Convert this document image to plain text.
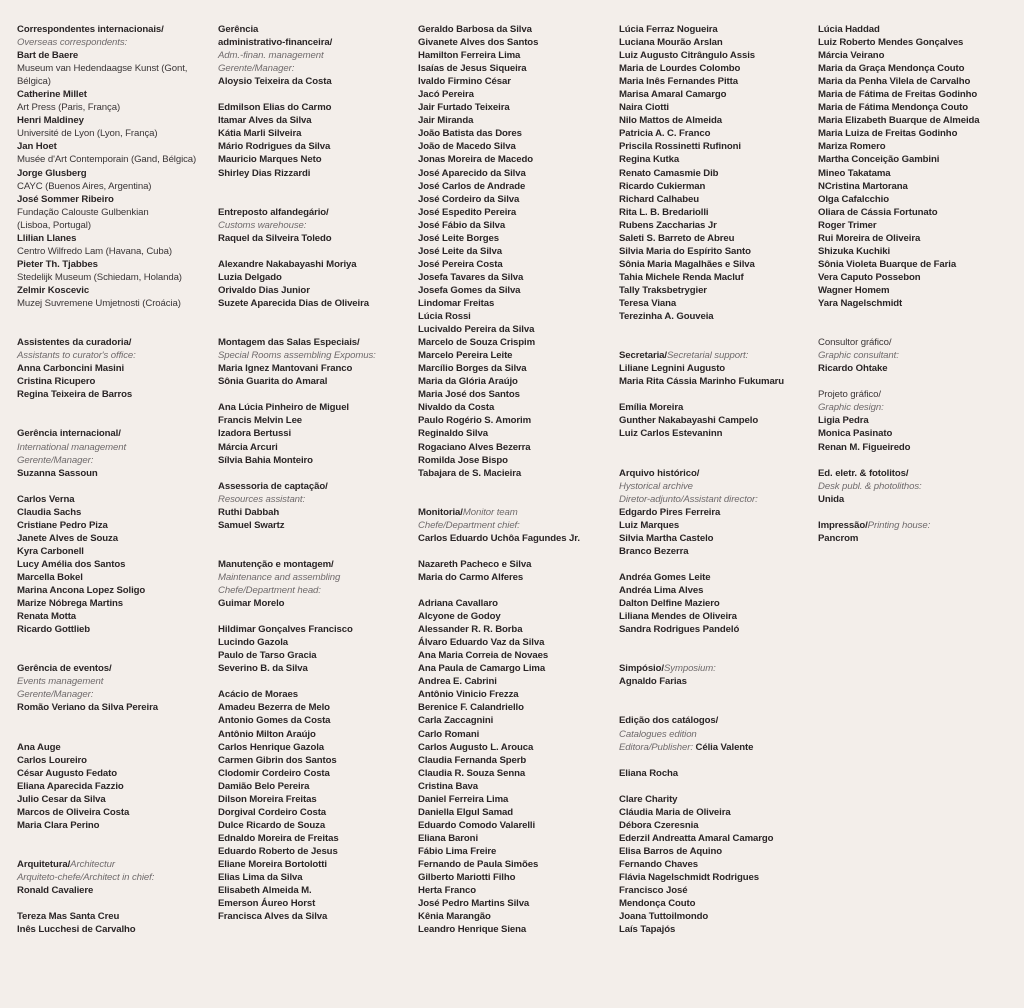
Correspondentes internacionais/
Overseas correspondents:
Bart de Baere
Museum van Hedendaagse Kunst (Gont,
Bélgica)
Catherine Millet
Art Press (Paris, França)
Henri Maldiney
Université de Lyon (Lyon, França)
Jan Hoet
Musée d'Art Contemporain (Gand, Bélgica)
Jorge Glusberg
CAYC (Buenos Aires, Argentina)
José Sommer Ribeiro
Fundação Calouste Gulbenkian
(Lisboa, Portugal)
Llilian Llanes
Centro Wilfredo Lam (Havana, Cuba)
Pieter Th. Tjabbes
Stedelijk Museum (Schiedam, Holanda)
Zelmir Koscevic
Muzej Suvremene Umjetnosti (Croácia)
Assistentes da curadoria/
Assistants to curator's office:
Anna Carboncini Masini
Cristina Ricupero
Regina Teixeira de Barros
Gerência internacional/
International management
Gerente/Manager:
Suzanna Sassoun
Carlos Verna
Claudia Sachs
Cristiane Pedro Piza
Janete Alves de Souza
Kyra Carbonell
Lucy Amélia dos Santos
Marcella Bokel
Marina Ancona Lopez Soligo
Marize Nóbrega Martins
Renata Motta
Ricardo Gottlieb
Gerência de eventos/
Events management
Gerente/Manager:
Romão Veriano da Silva Pereira
Ana Auge
Carlos Loureiro
César Augusto Fedato
Eliana Aparecida Fazzio
Julio Cesar da Silva
Marcos de Oliveira Costa
Maria Clara Perino
Arquitetura/Architectur
Arquiteto-chefe/Architect in chief:
Ronald Cavaliere
Tereza Mas Santa Creu
Inês Lucchesi de Carvalho
Gerência
administrativo-financeira/
Adm.-finan. management
Gerente/Manager:
Aloysio Teixeira da Costa
Edmilson Elias do Carmo
Itamar Alves da Silva
Kátia Marli Silveira
Mário Rodrigues da Silva
Mauricio Marques Neto
Shirley Dias Rizzardi
Entreposto alfandegário/
Customs warehouse:
Raquel da Silveira Toledo
Alexandre Nakabayashi Moriya
Luzia Delgado
Orivaldo Dias Junior
Suzete Aparecida Dias de Oliveira
Montagem das Salas Especiais/
Special Rooms assembling Expomus:
Maria Ignez Mantovani Franco
Sônia Guarita do Amaral
Ana Lúcia Pinheiro de Miguel
Francis Melvin Lee
Izadora Bertussi
Márcia Arcuri
Sílvia Bahia Monteiro
Assessoria de captação/
Resources assistant:
Ruthi Dabbah
Samuel Swartz
Manutenção e montagem/
Maintenance and assembling
Chefe/Department head:
Guimar Morelo
Hildimar Gonçalves Francisco
Lucindo Gazola
Paulo de Tarso Gracia
Severino B. da Silva
Acácio de Moraes
Amadeu Bezerra de Melo
Antonio Gomes da Costa
Antônio Milton Araújo
Carlos Henrique Gazola
Carmen Gibrin dos Santos
Clodomir Cordeiro Costa
Damião Belo Pereira
Dilson Moreira Freitas
Dorgival Cordeiro Costa
Dulce Ricardo de Souza
Ednaldo Moreira de Freitas
Eduardo Roberto de Jesus
Eliane Moreira Bortolotti
Elias Lima da Silva
Elisabeth Almeida M.
Emerson Áureo Horst
Francisca Alves da Silva
Geraldo Barbosa da Silva
Givanete Alves dos Santos
Hamilton Ferreira Lima
Isaías de Jesus Siqueira
Ivaldo Firmino César
Jacó Pereira
Jair Furtado Teixeira
Jair Miranda
João Batista das Dores
João de Macedo Silva
Jonas Moreira de Macedo
José Aparecido da Silva
José Carlos de Andrade
José Cordeiro da Silva
José Espedito Pereira
José Fábio da Silva
José Leite Borges
José Leite da Silva
José Pereira Costa
Josefa Tavares da Silva
Josefa Gomes da Silva
Lindomar Freitas
Lúcia Rossi
Lucivaldo Pereira da Silva
Marcelo de Souza Crispim
Marcelo Pereira Leite
Marcílio Borges da Silva
Maria da Glória Araújo
Maria José dos Santos
Nivaldo da Costa
Paulo Rogério S. Amorim
Reginaldo Silva
Rogaciano Alves Bezerra
Romilda Jose Bispo
Tabajara de S. Macieira
Monitoria/Monitor team
Chefe/Department chief:
Carlos Eduardo Uchôa Fagundes Jr.
Nazareth Pacheco e Silva
Maria do Carmo Alferes
Adriana Cavallaro
Alcyone de Godoy
Alessander R. R. Borba
Álvaro Eduardo Vaz da Silva
Ana Maria Correia de Novaes
Ana Paula de Camargo Lima
Andrea E. Cabrini
Antônio Vinicio Frezza
Berenice F. Calandriello
Carla Zaccagnini
Carlo Romani
Carlos Augusto L. Arouca
Claudia Fernanda Sperb
Claudia R. Souza Senna
Cristina Bava
Daniel Ferreira Lima
Daniella Elgul Samad
Eduardo Comodo Valarelli
Eliana Baroni
Fábio Lima Freire
Fernando de Paula Simões
Gilberto Mariotti Filho
Herta Franco
José Pedro Martins Silva
Kênia Marangão
Leandro Henrique Siena
Lúcia Ferraz Nogueira
Luciana Mourão Arslan
Luiz Augusto Citrângulo Assis
Maria de Lourdes Colombo
Maria Inês Fernandes Pitta
Marisa Amaral Camargo
Naira Ciotti
Nilo Mattos de Almeida
Patricia A. C. Franco
Priscila Rossinetti Rufinoni
Regina Kutka
Renato Camasmie Dib
Ricardo Cukierman
Richard Calhabeu
Rita L. B. Bredariolli
Rubens Zaccharias Jr
Saleti S. Barreto de Abreu
Silvia Maria do Espírito Santo
Sônia Maria Magalhães e Silva
Tahia Michele Renda Macluf
Tally Traksbetrygier
Teresa Viana
Terezinha A. Gouveia
Secretaria/Secretarial support:
Liliane Legnini Augusto
Maria Rita Cássia Marinho Fukumaru
Emília Moreira
Gunther Nakabayashi Campelo
Luiz Carlos Estevaninn
Arquivo histórico/
Hystorical archive
Diretor-adjunto/Assistant director:
Edgardo Pires Ferreira
Luiz Marques
Silvia Martha Castelo
Branco Bezerra
Andréa Gomes Leite
Andréa Lima Alves
Dalton Delfine Maziero
Liliana Mendes de Oliveira
Sandra Rodrigues Pandeló
Simpósio/Symposium:
Agnaldo Farias
Edição dos catálogos/
Catalogues edition
Editora/Publisher: Célia Valente
Eliana Rocha
Clare Charity
Cláudia Maria de Oliveira
Débora Czeresnia
Ederzil Andreatta Amaral Camargo
Elisa Barros de Aquino
Fernando Chaves
Flávia Nagelschmidt Rodrigues
Francisco José
Mendonça Couto
Joana Tuttoilmondo
Laís Tapajós
Lúcia Haddad
Luiz Roberto Mendes Gonçalves
Márcia Veirano
Maria da Graça Mendonça Couto
Maria da Penha Vilela de Carvalho
Maria de Fátima de Freitas Godinho
Maria de Fátima Mendonça Couto
Maria Elizabeth Buarque de Almeida
Maria Luiza de Freitas Godinho
Mariza Romero
Martha Conceição Gambini
Mineo Takatama
NCristina Martorana
Olga Cafalcchio
Oliara de Cássia Fortunato
Roger Trimer
Rui Moreira de Oliveira
Shizuka Kuchiki
Sônia Violeta Buarque de Faria
Vera Caputo Possebon
Wagner Homem
Yara Nagelschmidt
Consultor gráfico/
Graphic consultant:
Ricardo Ohtake
Projeto gráfico/
Graphic design:
Ligia Pedra
Monica Pasinato
Renan M. Figueiredo
Ed. eletr. & fotolitos/
Desk publ. & photolithos:
Unida
Impressão/Printing house:
Pancrom
